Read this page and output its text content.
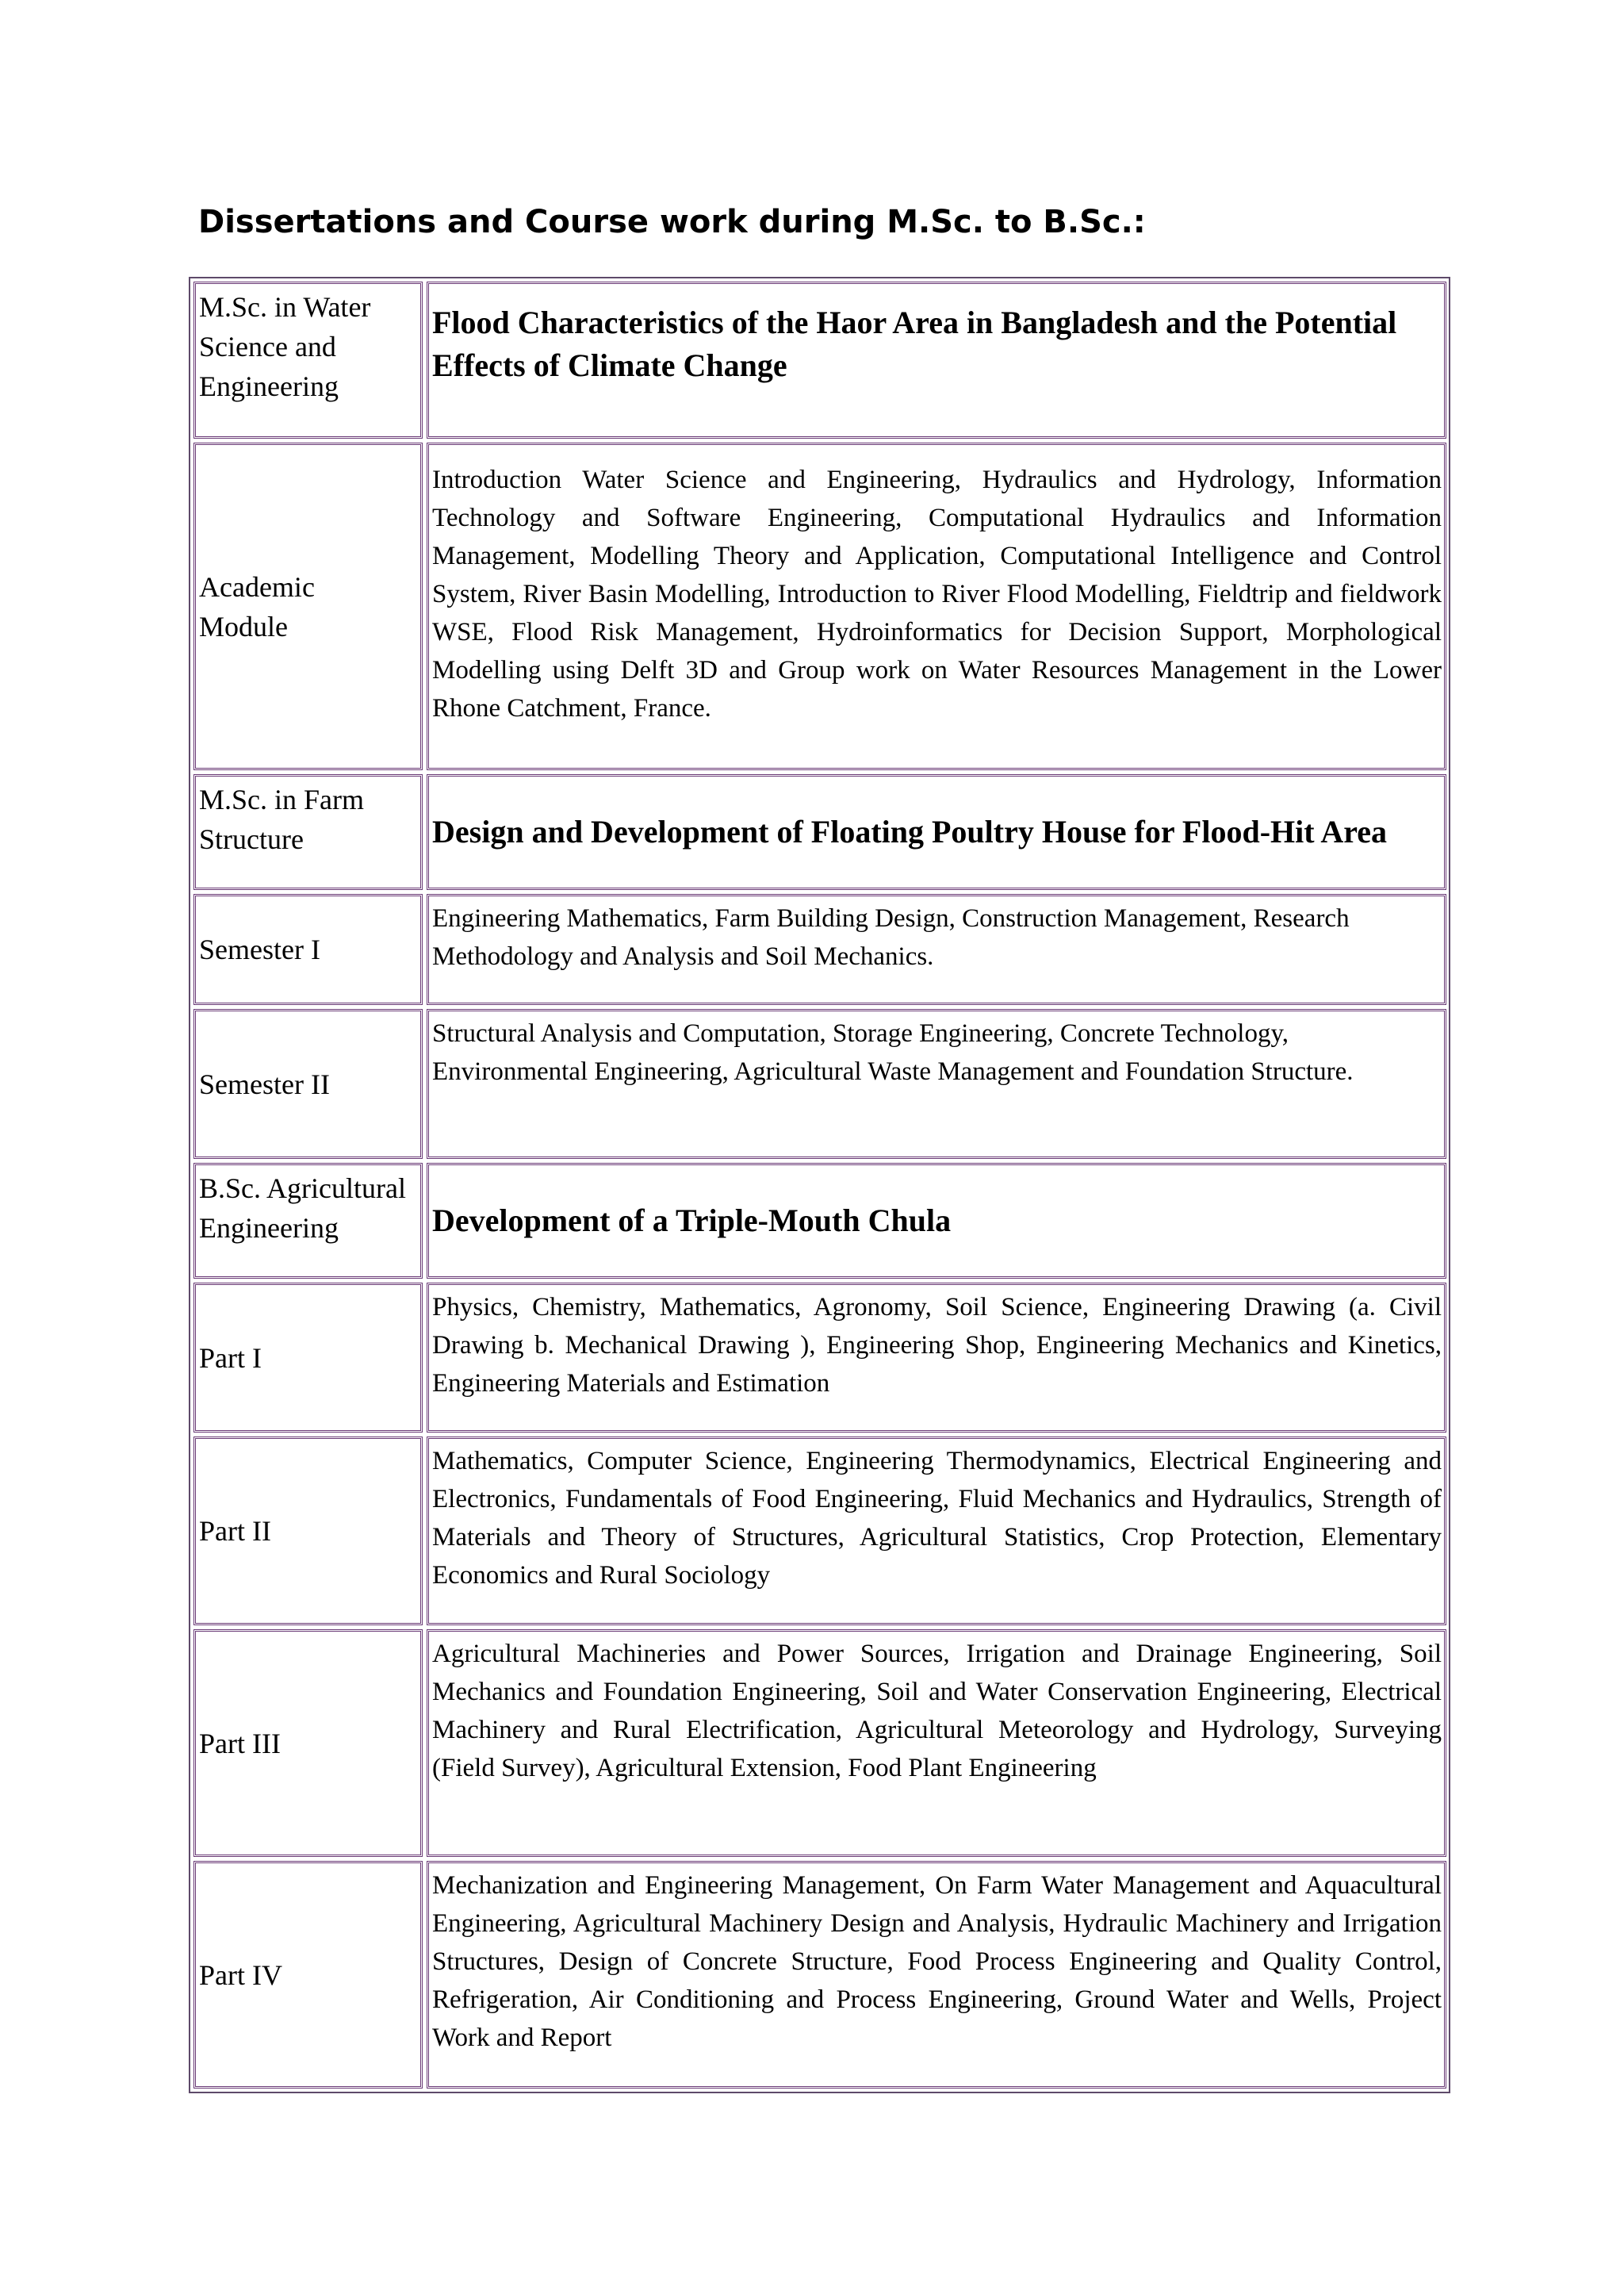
Dissertations and Course work during M.Sc. to B.Sc.:
M.Sc. in Water
Science and
Engineering
Flood Characteristics of the Haor Area in Bangladesh and the Potential Effects of Climate Change
Academic
Module
Introduction Water Science and Engineering, Hydraulics and Hydrology, Information Technology and Software Engineering, Computational Hydraulics and Information Management, Modelling Theory and Application, Computational Intelligence and Control System, River Basin Modelling, Introduction to River Flood Modelling, Fieldtrip and fieldwork WSE, Flood Risk Management, Hydroinformatics for Decision Support, Morphological Modelling using Delft 3D and Group work on Water Resources Management in the Lower Rhone Catchment, France.
M.Sc. in Farm
Structure	Design and Development of Floating Poultry House for Flood-Hit Area
Semester I
Engineering Mathematics, Farm Building Design, Construction Management, Research Methodology and Analysis and Soil Mechanics.
Semester II
Structural Analysis and Computation, Storage Engineering, Concrete Technology, Environmental Engineering, Agricultural Waste Management and Foundation Structure.
B.Sc. Agricultural
Engineering	Development of a Triple-Mouth Chula
Part I
Physics, Chemistry, Mathematics, Agronomy, Soil Science, Engineering Drawing (a. Civil Drawing b. Mechanical Drawing ), Engineering Shop, Engineering Mechanics and Kinetics, Engineering Materials and Estimation
Part II
Mathematics, Computer Science, Engineering Thermodynamics, Electrical Engineering and Electronics, Fundamentals of Food Engineering, Fluid Mechanics and Hydraulics, Strength of Materials and Theory of Structures, Agricultural Statistics, Crop Protection, Elementary Economics and Rural Sociology
Part III
Agricultural Machineries and Power Sources, Irrigation and Drainage Engineering, Soil Mechanics and Foundation Engineering, Soil and Water Conservation Engineering, Electrical Machinery and Rural Electrification, Agricultural Meteorology and Hydrology, Surveying (Field Survey), Agricultural Extension, Food Plant Engineering
Part IV
Mechanization and Engineering Management, On Farm Water Management and Aquacultural Engineering, Agricultural Machinery Design and Analysis, Hydraulic Machinery and Irrigation Structures, Design of Concrete Structure, Food Process Engineering and Quality Control, Refrigeration, Air Conditioning and Process Engineering, Ground Water and Wells, Project Work and Report
